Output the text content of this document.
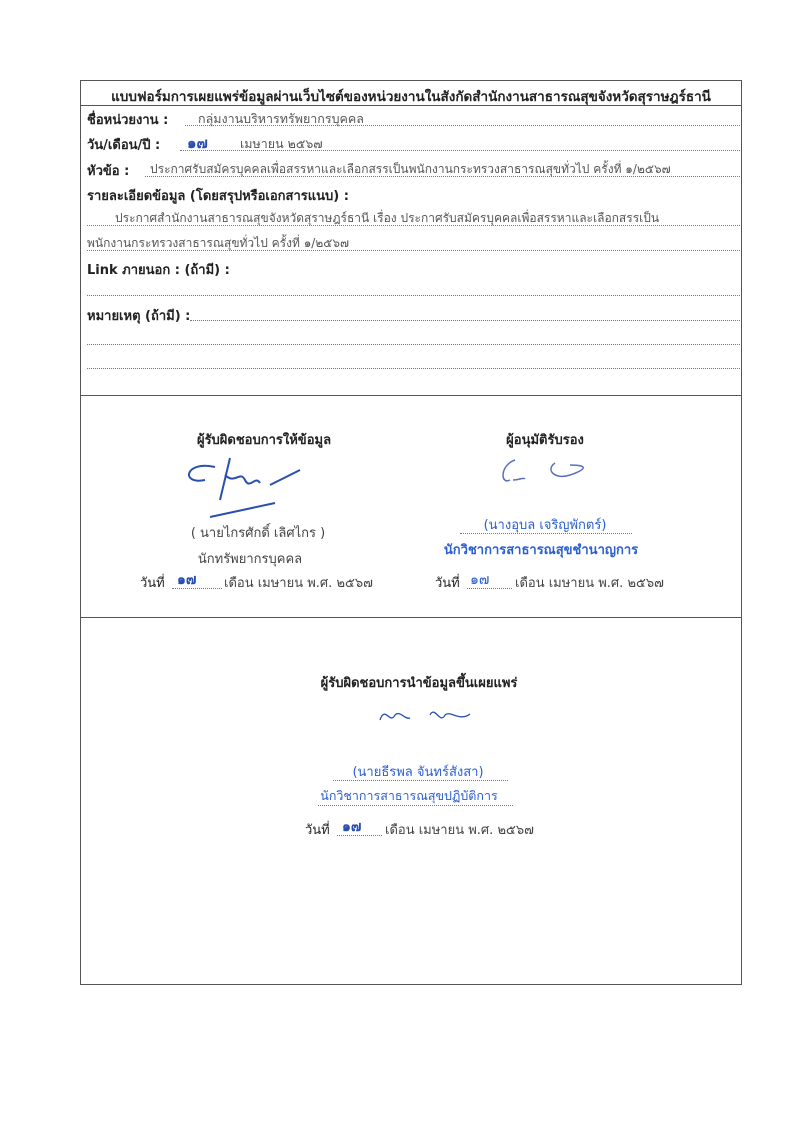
แบบฟอร์มการเผยแพร่ข้อมูลผ่านเว็บไซต์ของหน่วยงานในสังกัดสำนักงานสาธารณสุขจังหวัดสุราษฎร์ธานี
ชื่อหน่วยงาน : กลุ่มงานบริหารทรัพยากรบุคคล
วัน/เดือน/ปี : ๑๗	เมษายน ๒๕๖๗
หัวข้อ : ประกาศรับสมัครบุคคลเพื่อสรรหาและเลือกสรรเป็นพนักงานกระทรวงสาธารณสุขทั่วไป ครั้งที่ ๑/๒๕๖๗
รายละเอียดข้อมูล (โดยสรุปหรือเอกสารแนบ) :
ประกาศสำนักงานสาธารณสุขจังหวัดสุราษฎร์ธานี เรื่อง ประกาศรับสมัครบุคคลเพื่อสรรหาและเลือกสรรเป็น
พนักงานกระทรวงสาธารณสุขทั่วไป ครั้งที่ ๑/๒๕๖๗
Link ภายนอก : (ถ้ามี) :
หมายเหตุ (ถ้ามี) :
ผู้รับผิดชอบการให้ข้อมูล
( นายไกรศักดิ์ เลิศไกร )
นักทรัพยากรบุคคล
วันที่ ๑๗ เดือน เมษายน พ.ศ. ๒๕๖๗
ผู้อนุมัติรับรอง
(นางอุบล เจริญพักตร์)
นักวิชาการสาธารณสุขชำนาญการ
วันที่ ๑๗ เดือน เมษายน พ.ศ. ๒๕๖๗
ผู้รับผิดชอบการนำข้อมูลขึ้นเผยแพร่
(นายธีรพล จันทร์สังสา)
นักวิชาการสาธารณสุขปฏิบัติการ
วันที่ ๑๗ เดือน เมษายน พ.ศ. ๒๕๖๗
